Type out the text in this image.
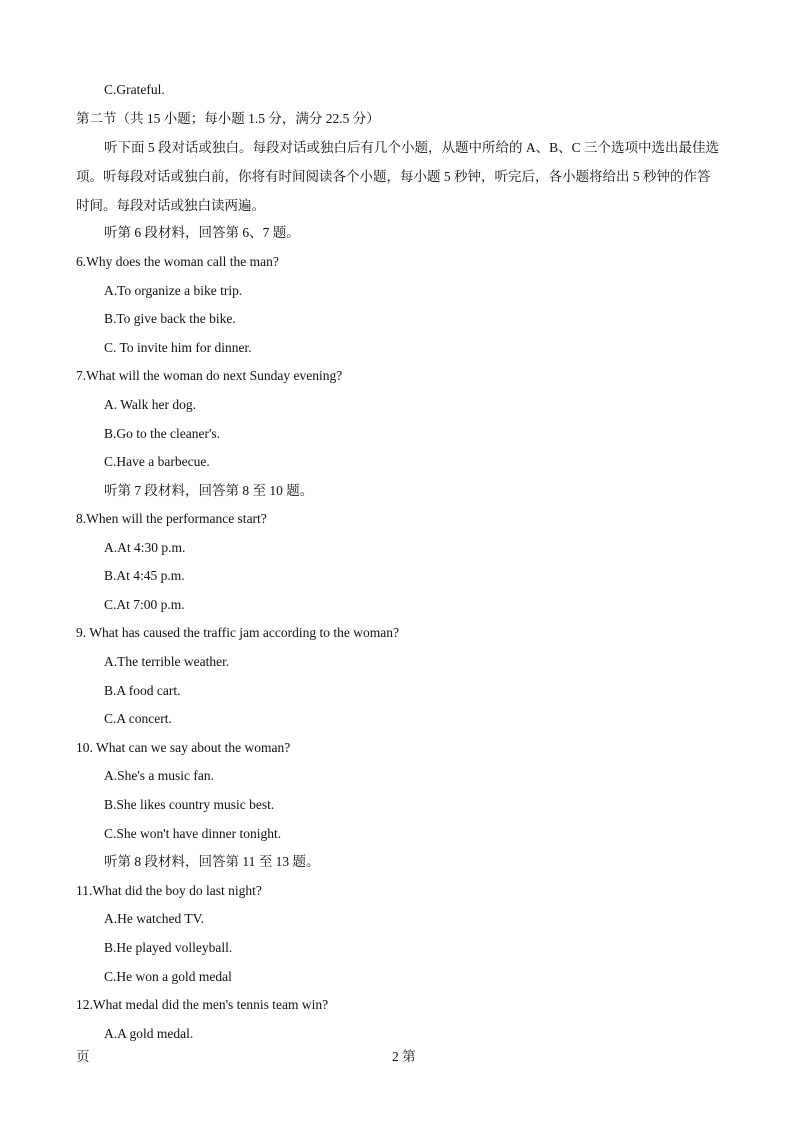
C.Grateful.
第二节（共 15 小题；每小题 1.5 分，满分 22.5 分）
听下面 5 段对话或独白。每段对话或独白后有几个小题，从题中所给的 A、B、C 三个选项中选出最佳选项。听每段对话或独白前，你将有时间阅读各个小题，每小题 5 秒钟，听完后，各小题将给出 5 秒钟的作答时间。每段对话或独白读两遍。
听第 6 段材料，回答第 6、7 题。
6.Why does the woman call the man?
A.To organize a bike trip.
B.To give back the bike.
C. To invite him for dinner.
7.What will the woman do next Sunday evening?
A. Walk her dog.
B.Go to the cleaner's.
C.Have a barbecue.
听第 7 段材料，回答第 8 至 10 题。
8.When will the performance start?
A.At 4:30 p.m.
B.At 4:45 p.m.
C.At 7:00 p.m.
9. What has caused the traffic jam according to the woman?
A.The terrible weather.
B.A food cart.
C.A concert.
10. What can we say about the woman?
A.She's a music fan.
B.She likes country music best.
C.She won't have dinner tonight.
听第 8 段材料，回答第 11 至 13 题。
11.What did the boy do last night?
A.He watched TV.
B.He played volleyball.
C.He won a gold medal
12.What medal did the men's tennis team win?
A.A gold medal.
页	2 第
